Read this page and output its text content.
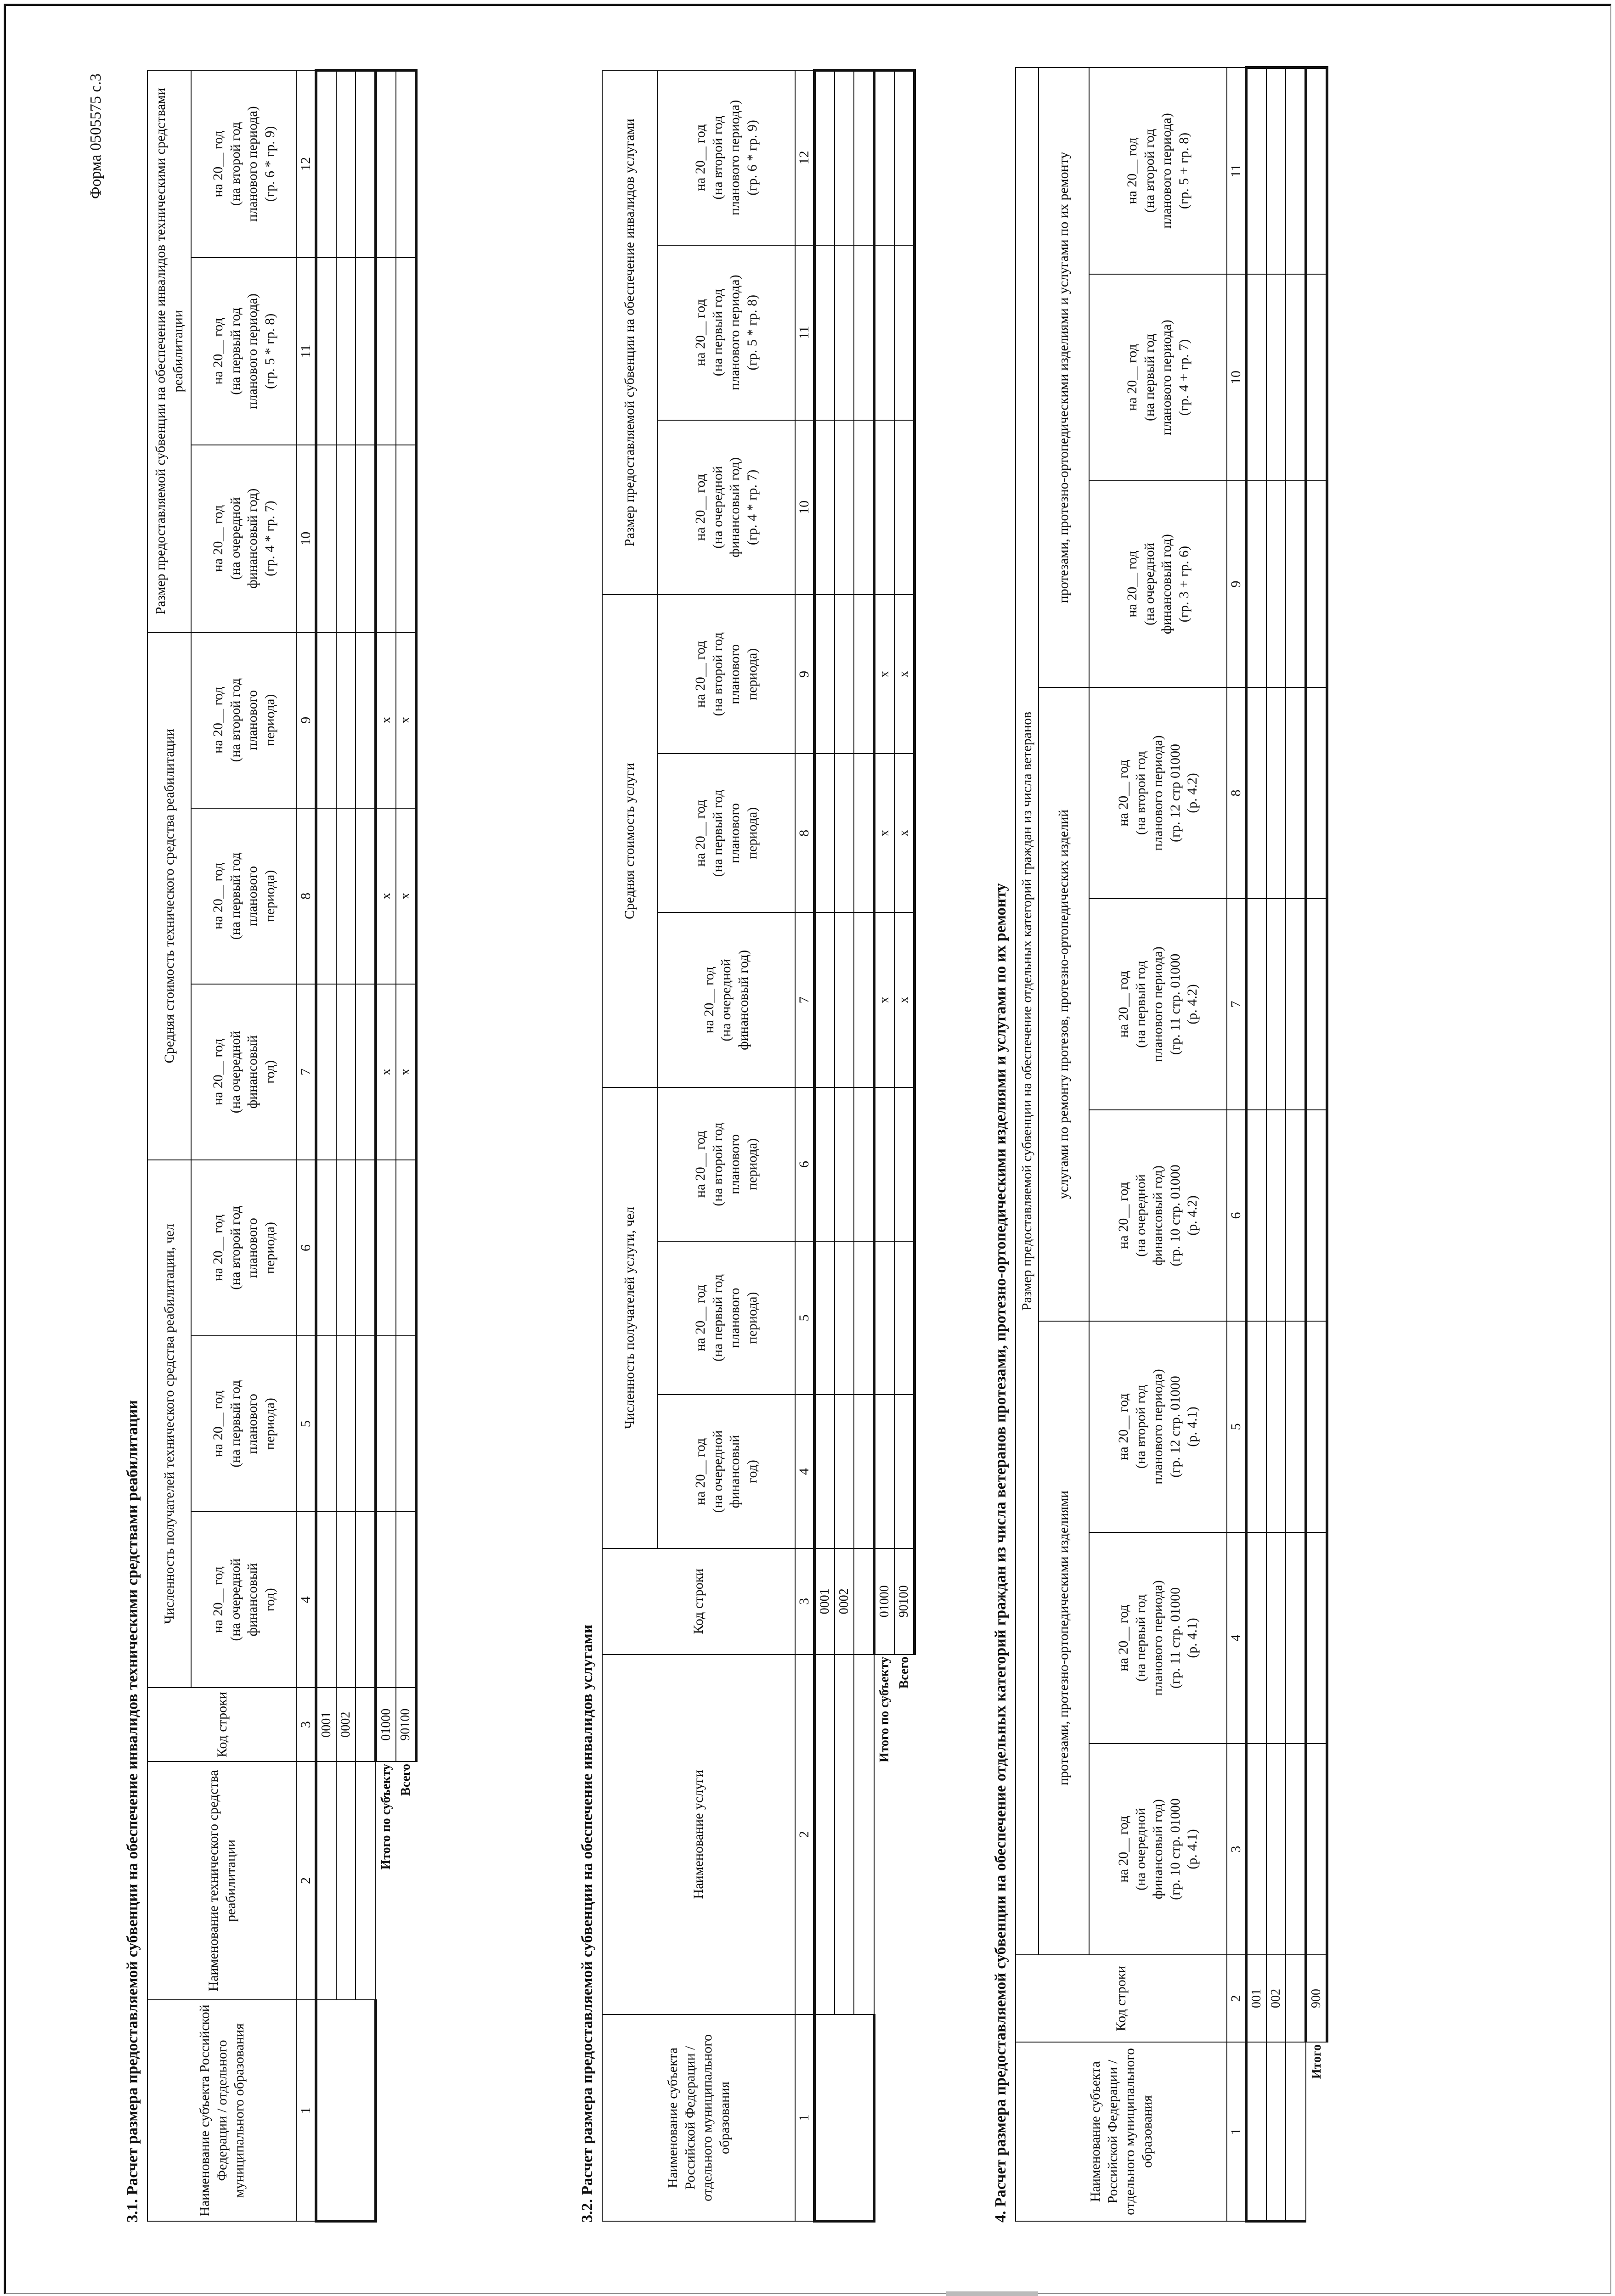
Форма 0505575 с.3
3.1. Расчет размера предоставляемой субвенции на обеспечение инвалидов техническими средствами реабилитации	Наименование субъекта Российской Федерации / отдельного муниципального образования	Наименование технического средства реабилитации	Код строки	Численность получателей технического средства реабилитации, чел			Средняя стоимость технического средства реабилитации			Размер предоставляемой субвенции на обеспечение инвалидов техническими средствами реабилитации		
			на 20__ год
(на очередной
финансовый
год)	на 20__ год
(на первый год
планового
периода)	на 20__ год
(на второй год
планового
периода)	на 20__ год
(на очередной
финансовый
год)	на 20__ год
(на первый год
планового
периода)	на 20__ год
(на второй год
планового
периода)	на 20__ год
(на очередной
финансовый год)
(гр. 4 * гр. 7)	на 20__ год
(на первый год
планового периода)
(гр. 5 * гр. 8)	на 20__ год
(на второй год
планового периода)
(гр. 6 * гр. 9)
1	2	3	4	5	6	7	8	9	10	11	12
		0001									
		0002									

	Итого по субъекту	01000				x	x	x			
	Всего	90100				x	x	x			
3.2. Расчет размера предоставляемой субвенции на обеспечение инвалидов услугами	Наименование субъекта Российской Федерации / отдельного муниципального образования	Наименование услуги	Код строки	Численность получателей услуги, чел			Средняя стоимость услуги			Размер предоставляемой субвенции на обеспечение инвалидов услугами		
			на 20__ год
(на очередной
финансовый
год)	на 20__ год
(на первый год
планового
периода)	на 20__ год
(на второй год
планового
периода)	на 20__ год
(на очередной
финансовый год)	на 20__ год
(на первый год
планового
периода)	на 20__ год
(на второй год
планового
периода)	на 20__ год
(на очередной
финансовый год)
(гр. 4 * гр. 7)	на 20__ год
(на первый год
планового периода)
(гр. 5 * гр. 8)	на 20__ год
(на второй год
планового периода)
(гр. 6 * гр. 9)
1	2	3	4	5	6	7	8	9	10	11	12
		0001									
		0002									

	Итого по субъекту	01000				x	x	x			
	Всего	90100				x	x	x			
4. Расчет размера предоставляемой субвенции на обеспечение отдельных категорий граждан из числа ветеранов протезами, протезно-ортопедическими изделиями и услугами по их ремонту	Наименование субъекта Российской Федерации / отдельного муниципального образования	Код строки	Размер предоставляемой субвенции на обеспечение отдельных категорий граждан из числа ветеранов								
		протезами, протезно-ортопедическими изделиями			услугами по ремонту протезов, протезно-ортопедических изделий			протезами, протезно-ортопедическими изделиями и услугами по их ремонту		
		на 20__ год
(на очередной
финансовый год)
(гр. 10 стр. 01000
(р. 4.1)	на 20__ год
(на первый год
планового периода)
(гр. 11 стр. 01000
(р. 4.1)	на 20__ год
(на второй год
планового периода)
(гр. 12 стр. 01000
(р. 4.1)	на 20__ год
(на очередной
финансовый год)
(гр. 10 стр. 01000
(р. 4.2)	на 20__ год
(на первый год
планового периода)
(гр. 11 стр. 01000
(р. 4.2)	на 20__ год
(на второй год
планового периода)
(гр. 12 стр 01000
(р. 4.2)	на 20__ год
(на очередной
финансовый год)
(гр. 3 + гр. 6)	на 20__ год
(на первый год
планового периода)
(гр. 4 + гр. 7)	на 20__ год
(на второй год
планового периода)
(гр. 5 + гр. 8)
1	2	3	4	5	6	7	8	9	10	11
	001									
	002									

Итого	900									
